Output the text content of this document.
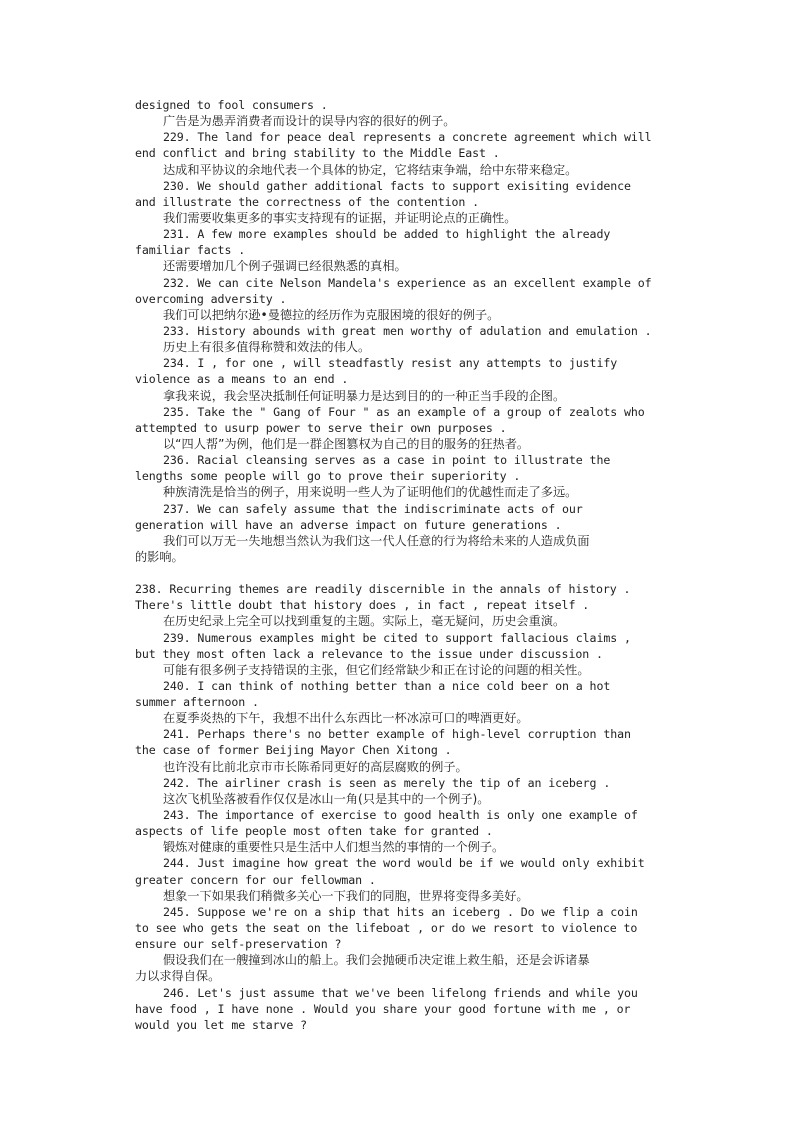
designed to fool consumers .
广告是为愚弄消费者而设计的误导内容的很好的例子。
229. The land for peace deal represents a concrete agreement which will
end conflict and bring stability to the Middle East .
达成和平协议的余地代表一个具体的协定，它将结束争端，给中东带来稳定。
230. We should gather additional facts to support exisiting evidence
and illustrate the correctness of the contention .
我们需要收集更多的事实支持现有的证据，并证明论点的正确性。
231. A few more examples should be added to highlight the already
familiar facts .
还需要增加几个例子强调已经很熟悉的真相。
232. We can cite Nelson Mandela's experience as an excellent example of
overcoming adversity .
我们可以把纳尔逊•曼德拉的经历作为克服困境的很好的例子。
233. History abounds with great men worthy of adulation and emulation .
历史上有很多值得称赞和效法的伟人。
234. I , for one , will steadfastly resist any attempts to justify
violence as a means to an end .
拿我来说，我会坚决抵制任何证明暴力是达到目的的一种正当手段的企图。
235. Take the " Gang of Four " as an example of a group of zealots who
attempted to usurp power to serve their own purposes .
以“四人帮”为例，他们是一群企图篡权为自己的目的服务的狂热者。
236. Racial cleansing serves as a case in point to illustrate the
lengths some people will go to prove their superiority .
种族清洗是恰当的例子，用来说明一些人为了证明他们的优越性而走了多远。
237. We can safely assume that the indiscriminate acts of our
generation will have an adverse impact on future generations .
我们可以万无一失地想当然认为我们这一代人任意的行为将给未来的人造成负面
的影响。
238. Recurring themes are readily discernible in the annals of history .
There's little doubt that history does , in fact , repeat itself .
在历史纪录上完全可以找到重复的主题。实际上，毫无疑问，历史会重演。
239. Numerous examples might be cited to support fallacious claims ,
but they most often lack a relevance to the issue under discussion .
可能有很多例子支持错误的主张，但它们经常缺少和正在讨论的问题的相关性。
240. I can think of nothing better than a nice cold beer on a hot
summer afternoon .
在夏季炎热的下午，我想不出什么东西比一杯冰凉可口的啤酒更好。
241. Perhaps there's no better example of high-level corruption than
the case of former Beijing Mayor Chen Xitong .
也许没有比前北京市市长陈希同更好的高层腐败的例子。
242. The airliner crash is seen as merely the tip of an iceberg .
这次飞机坠落被看作仅仅是冰山一角(只是其中的一个例子)。
243. The importance of exercise to good health is only one example of
aspects of life people most often take for granted .
锻炼对健康的重要性只是生活中人们想当然的事情的一个例子。
244. Just imagine how great the word would be if we would only exhibit
greater concern for our fellowman .
想象一下如果我们稍微多关心一下我们的同胞，世界将变得多美好。
245. Suppose we're on a ship that hits an iceberg . Do we flip a coin
to see who gets the seat on the lifeboat , or do we resort to violence to
ensure our self-preservation ?
假设我们在一艘撞到冰山的船上。我们会抛硬币决定谁上救生船，还是会诉诸暴
力以求得自保。
246. Let's just assume that we've been lifelong friends and while you
have food , I have none . Would you share your good fortune with me , or
would you let me starve ?
